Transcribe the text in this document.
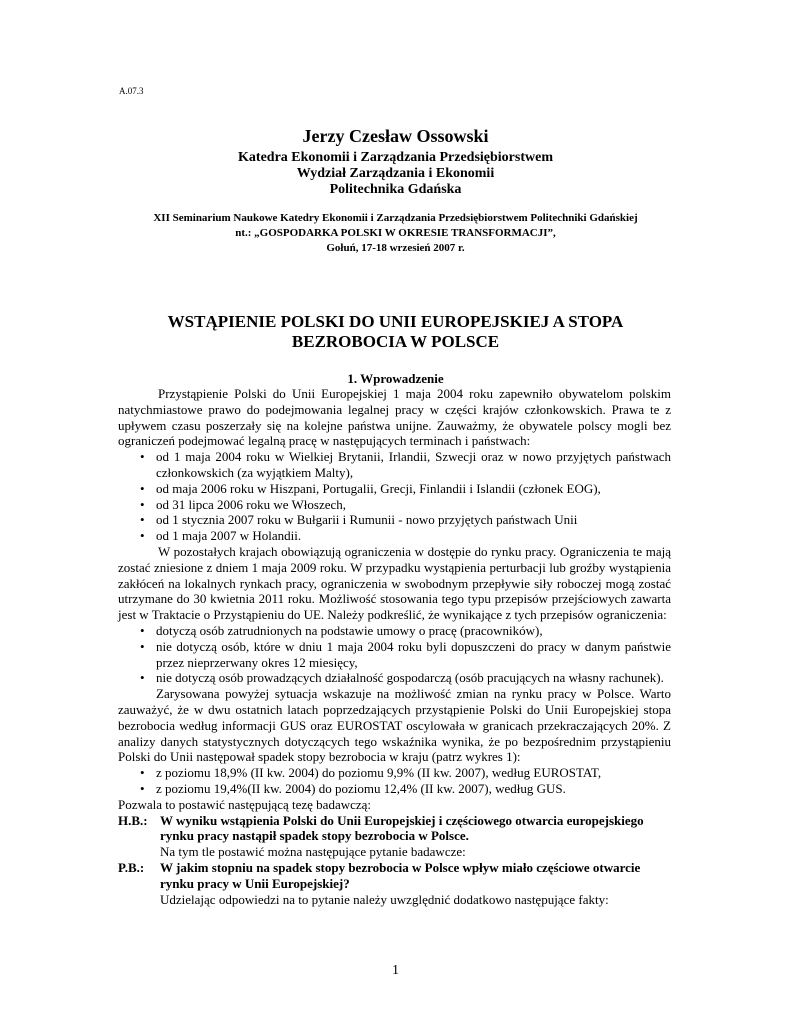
A.07.3
Jerzy Czesław Ossowski
Katedra Ekonomii i Zarządzania Przedsiębiorstwem
Wydział Zarządzania i Ekonomii
Politechnika Gdańska
XII Seminarium Naukowe Katedry Ekonomii i Zarządzania Przedsiębiorstwem Politechniki Gdańskiej
nt.: „GOSPODARKA POLSKI W OKRESIE TRANSFORMACJI”,
Gołuń, 17-18 wrzesień 2007 r.
WSTĄPIENIE POLSKI DO UNII EUROPEJSKIEJ A STOPA
BEZROBOCIA W POLSCE
1. Wprowadzenie

Przystąpienie Polski do Unii Europejskiej 1 maja 2004 roku zapewniło obywatelom polskim natychmiastowe prawo do podejmowania legalnej pracy w części krajów członkowskich. Prawa te z upływem czasu poszerzały się na kolejne państwa unijne. Zauważmy, że obywatele polscy mogli bez ograniczeń podejmować legalną pracę w następujących terminach i państwach:

• od 1 maja 2004 roku w Wielkiej Brytanii, Irlandii, Szwecji oraz w nowo przyjętych państwach członkowskich (za wyjątkiem Malty),
• od maja 2006 roku w Hiszpani, Portugalii, Grecji, Finlandii i Islandii (członek EOG),
• od 31 lipca 2006 roku we Włoszech,
• od 1 stycznia 2007 roku w Bułgarii i Rumunii - nowo przyjętych państwach Unii
• od 1 maja 2007 w Holandii.

W pozostałych krajach obowiązują ograniczenia w dostępie do rynku pracy. Ograniczenia te mają zostać zniesione z dniem 1 maja 2009 roku. W przypadku wystąpienia perturbacji lub groźby wystąpienia zakłóceń na lokalnych rynkach pracy, ograniczenia w swobodnym przepływie siły roboczej mogą zostać utrzymane do 30 kwietnia 2011 roku. Możliwość stosowania tego typu przepisów przejściowych zawarta jest w Traktacie o Przystąpieniu do UE. Należy podkreślić, że wynikające z tych przepisów ograniczenia:

• dotyczą osób zatrudnionych na podstawie umowy o pracę (pracowników),
• nie dotyczą osób, które w dniu 1 maja 2004 roku byli dopuszczeni do pracy w danym państwie przez nieprzerwany okres 12 miesięcy,
• nie dotyczą osób prowadzących działalność gospodarczą (osób pracujących na własny rachunek).

Zarysowana powyżej sytuacja wskazuje na możliwość zmian na rynku pracy w Polsce. Warto zauważyć, że w dwu ostatnich latach poprzedzających przystąpienie Polski do Unii Europejskiej stopa bezrobocia według informacji GUS oraz EUROSTAT oscylowała w granicach przekraczających 20%. Z analizy danych statystycznych dotyczących tego wskaźnika wynika, że po bezpośrednim przystąpieniu Polski do Unii następował spadek stopy bezrobocia w kraju (patrz wykres 1):

• z poziomu 18,9% (II kw. 2004) do poziomu 9,9% (II kw. 2007), według EUROSTAT,
• z poziomu 19,4%(II kw. 2004) do poziomu 12,4% (II kw. 2007), według GUS.

Pozwala to postawić następującą tezę badawczą:

H.B.: W wyniku wstąpienia Polski do Unii Europejskiej i częściowego otwarcia europejskiego rynku pracy nastąpił spadek stopy bezrobocia w Polsce.
Na tym tle postawić można następujące pytanie badawcze:
P.B.: W jakim stopniu na spadek stopy bezrobocia w Polsce wpływ miało częściowe otwarcie rynku pracy w Unii Europejskiej?
Udzielając odpowiedzi na to pytanie należy uwzględnić dodatkowo następujące fakty:
1
